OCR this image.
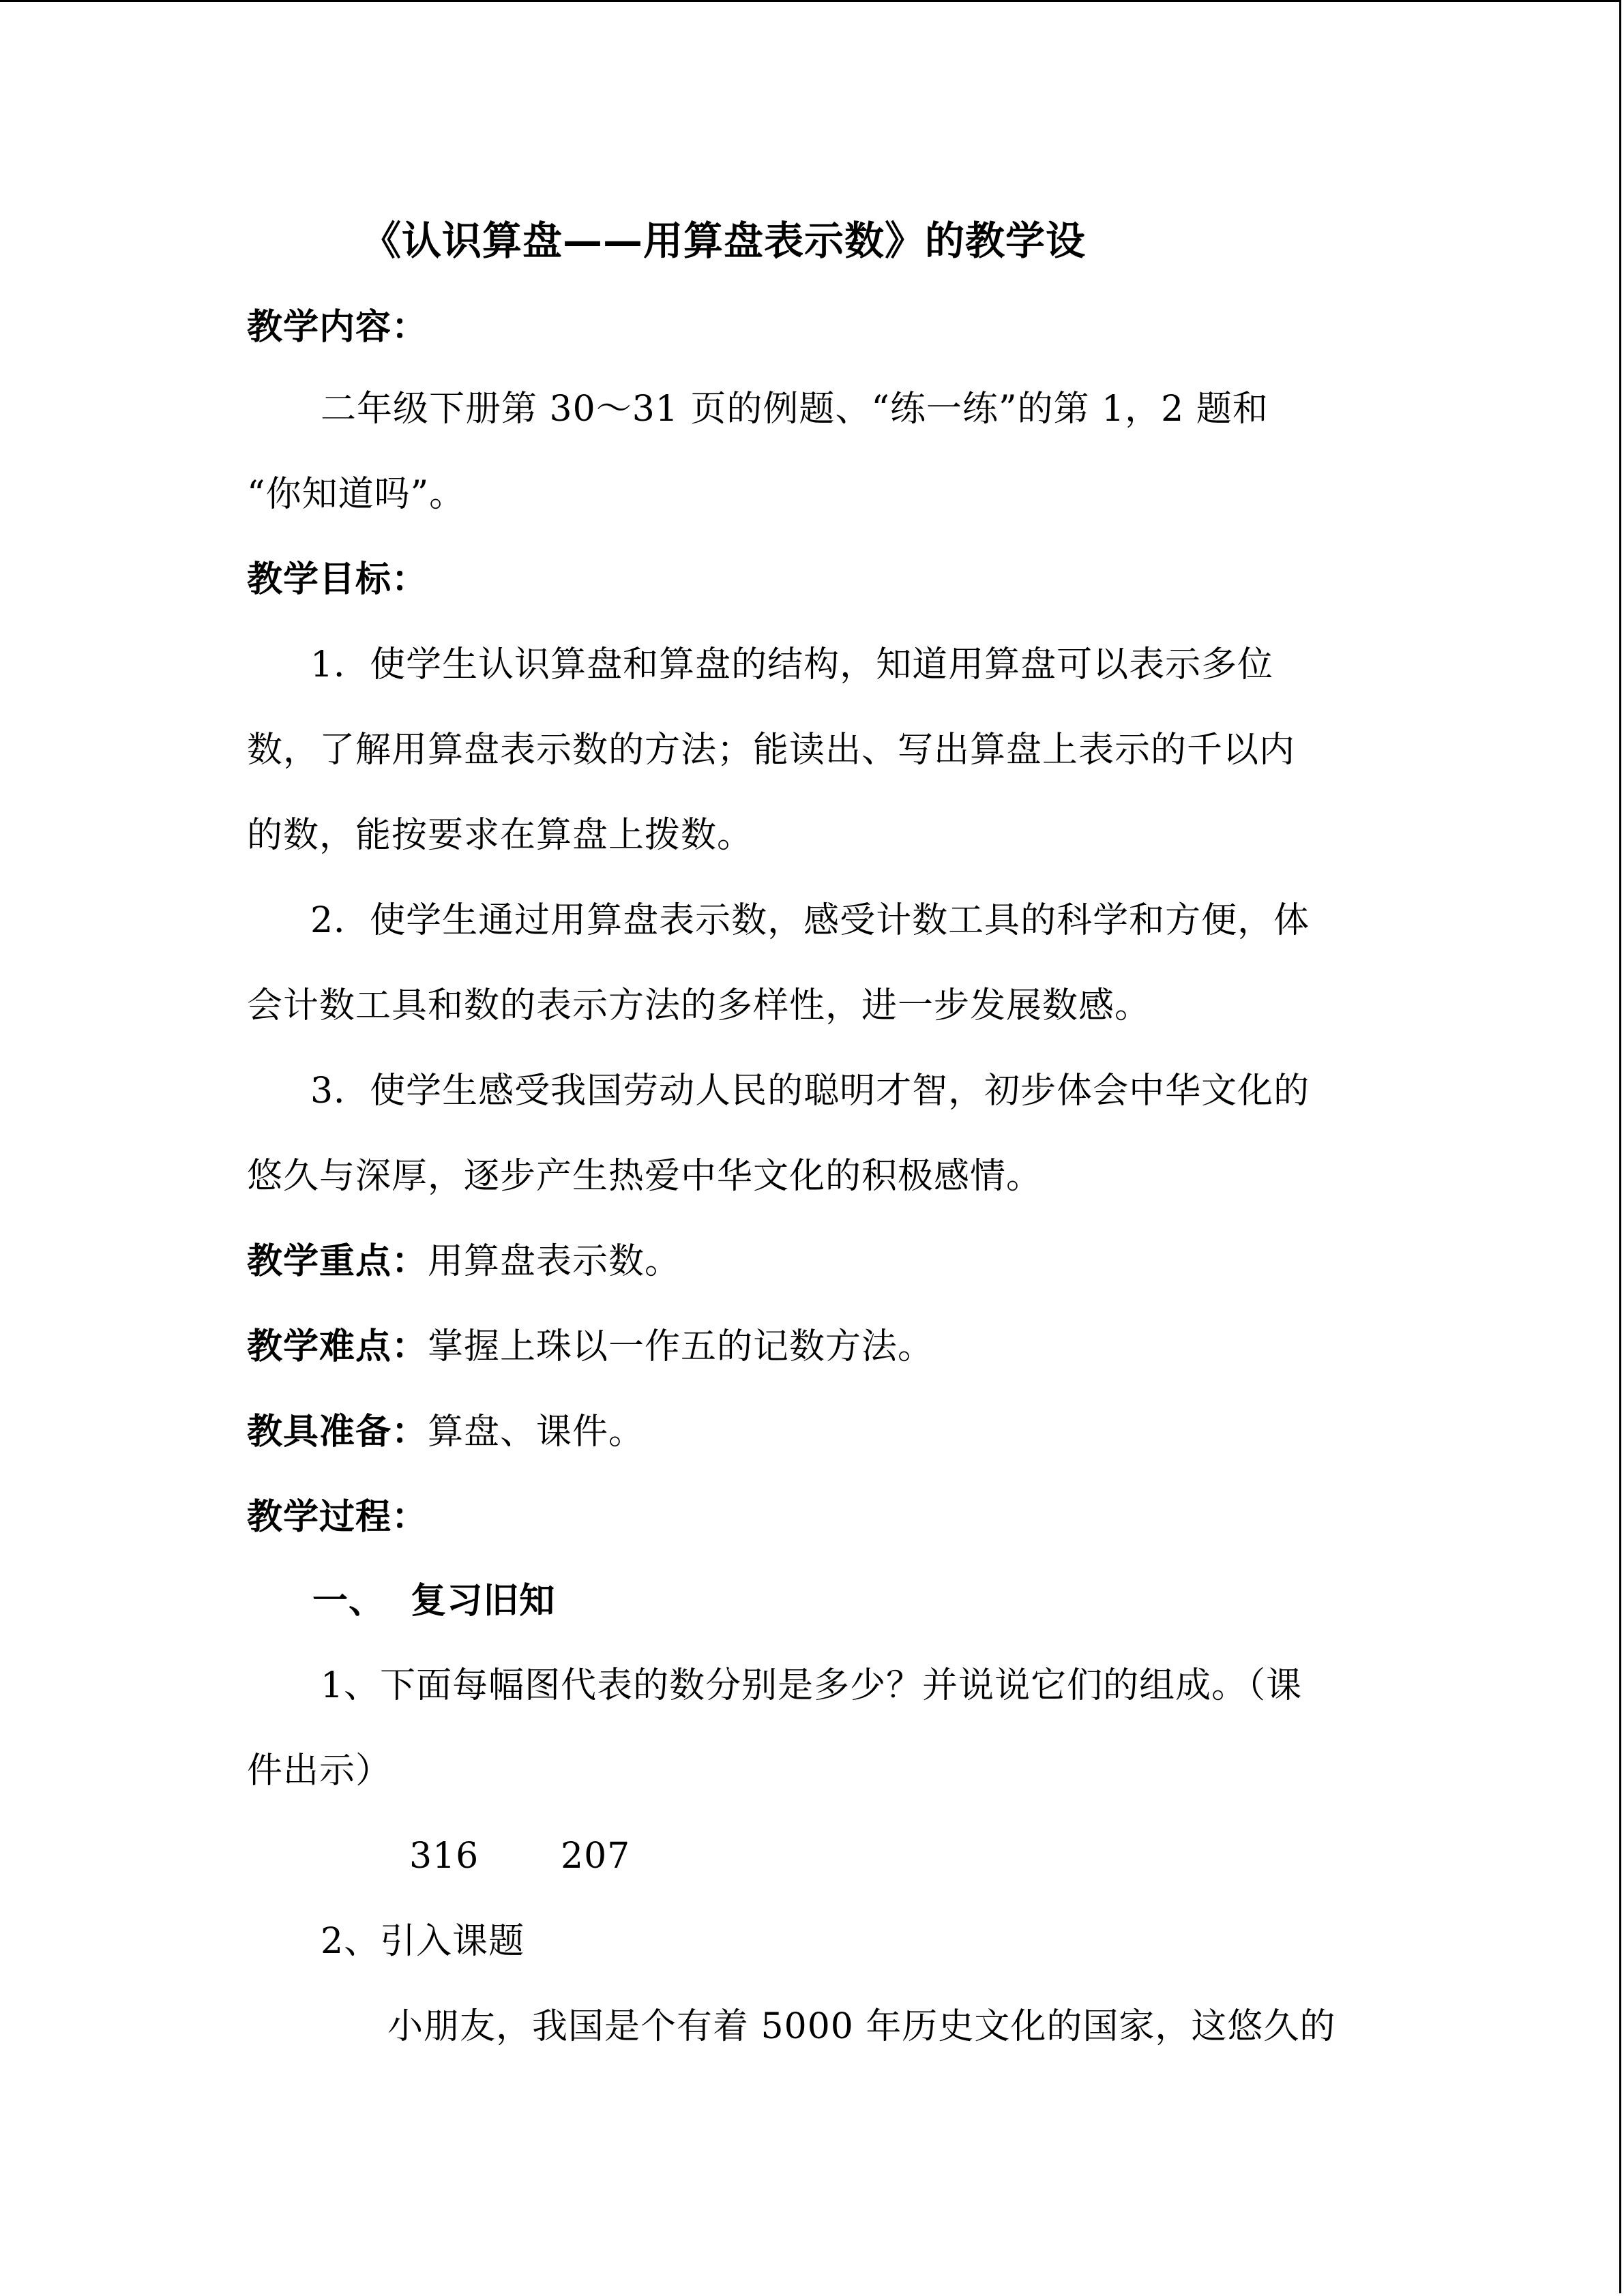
《认识算盘——用算盘表示数》的教学设
教学内容：
二年级下册第 30～31 页的例题、“练一练”的第 1，2 题和
“你知道吗”。
教学目标：
1．使学生认识算盘和算盘的结构，知道用算盘可以表示多位
数，了解用算盘表示数的方法；能读出、写出算盘上表示的千以内
的数，能按要求在算盘上拨数。
2．使学生通过用算盘表示数，感受计数工具的科学和方便，体
会计数工具和数的表示方法的多样性，进一步发展数感。
3．使学生感受我国劳动人民的聪明才智，初步体会中华文化的
悠久与深厚，逐步产生热爱中华文化的积极感情。
教学重点：用算盘表示数。
教学难点：掌握上珠以一作五的记数方法。
教具准备：算盘、课件。
教学过程：
一、  复习旧知
1、下面每幅图代表的数分别是多少？并说说它们的组成。（课
件出示）
316 207
2、引入课题
小朋友，我国是个有着 5000 年历史文化的国家，这悠久的
